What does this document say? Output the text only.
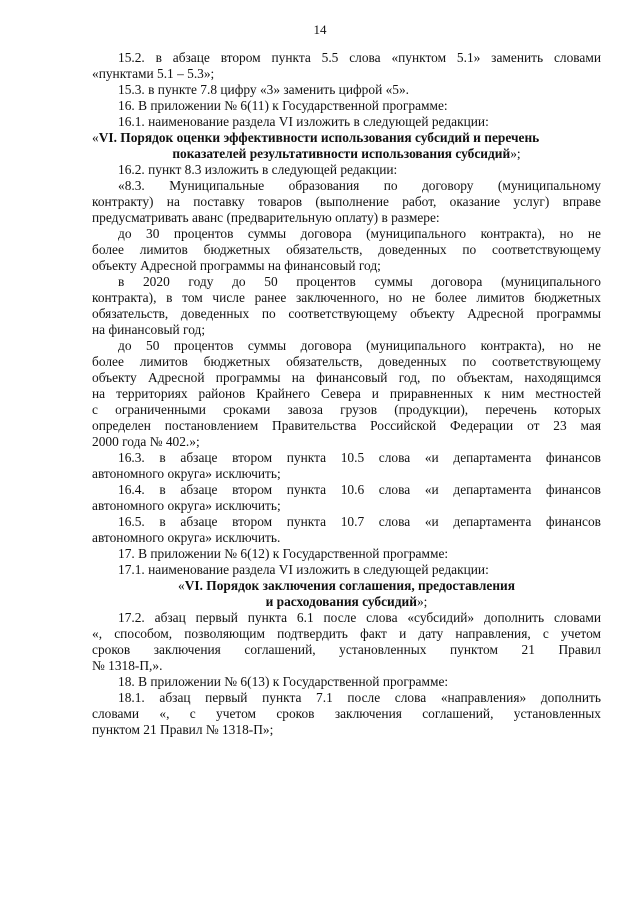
14
15.2. в абзаце втором пункта 5.5 слова «пунктом 5.1» заменить словами
«пунктами 5.1 – 5.3»;
15.3. в пункте 7.8 цифру «3» заменить цифрой «5».
16. В приложении № 6(11) к Государственной программе:
16.1. наименование раздела VI изложить в следующей редакции:
«VI. Порядок оценки эффективности использования субсидий и перечень
показателей результативности использования субсидий»;
16.2. пункт 8.3 изложить в следующей редакции:
«8.3. Муниципальные образования по договору (муниципальному
контракту) на поставку товаров (выполнение работ, оказание услуг) вправе
предусматривать аванс (предварительную оплату) в размере:
до 30 процентов суммы договора (муниципального контракта), но не
более лимитов бюджетных обязательств, доведенных по соответствующему
объекту Адресной программы на финансовый год;
в 2020 году до 50 процентов суммы договора (муниципального
контракта), в том числе ранее заключенного, но не более лимитов бюджетных
обязательств, доведенных по соответствующему объекту Адресной программы
на финансовый год;
до 50 процентов суммы договора (муниципального контракта), но не
более лимитов бюджетных обязательств, доведенных по соответствующему
объекту Адресной программы на финансовый год, по объектам, находящимся
на территориях районов Крайнего Севера и приравненных к ним местностей
с ограниченными сроками завоза грузов (продукции), перечень которых
определен постановлением Правительства Российской Федерации от 23 мая
2000 года № 402.»;
16.3. в абзаце втором пункта 10.5 слова «и департамента финансов
автономного округа» исключить;
16.4. в абзаце втором пункта 10.6 слова «и департамента финансов
автономного округа» исключить;
16.5. в абзаце втором пункта 10.7 слова «и департамента финансов
автономного округа» исключить.
17. В приложении № 6(12) к Государственной программе:
17.1. наименование раздела VI изложить в следующей редакции:
«VI. Порядок заключения соглашения, предоставления
и расходования субсидий»;
17.2. абзац первый пункта 6.1 после слова «субсидий» дополнить словами
«, способом, позволяющим подтвердить факт и дату направления, с учетом
сроков заключения соглашений, установленных пунктом 21 Правил
№ 1318-П,».
18. В приложении № 6(13) к Государственной программе:
18.1. абзац первый пункта 7.1 после слова «направления» дополнить
словами «, с учетом сроков заключения соглашений, установленных
пунктом 21 Правил № 1318-П»;
